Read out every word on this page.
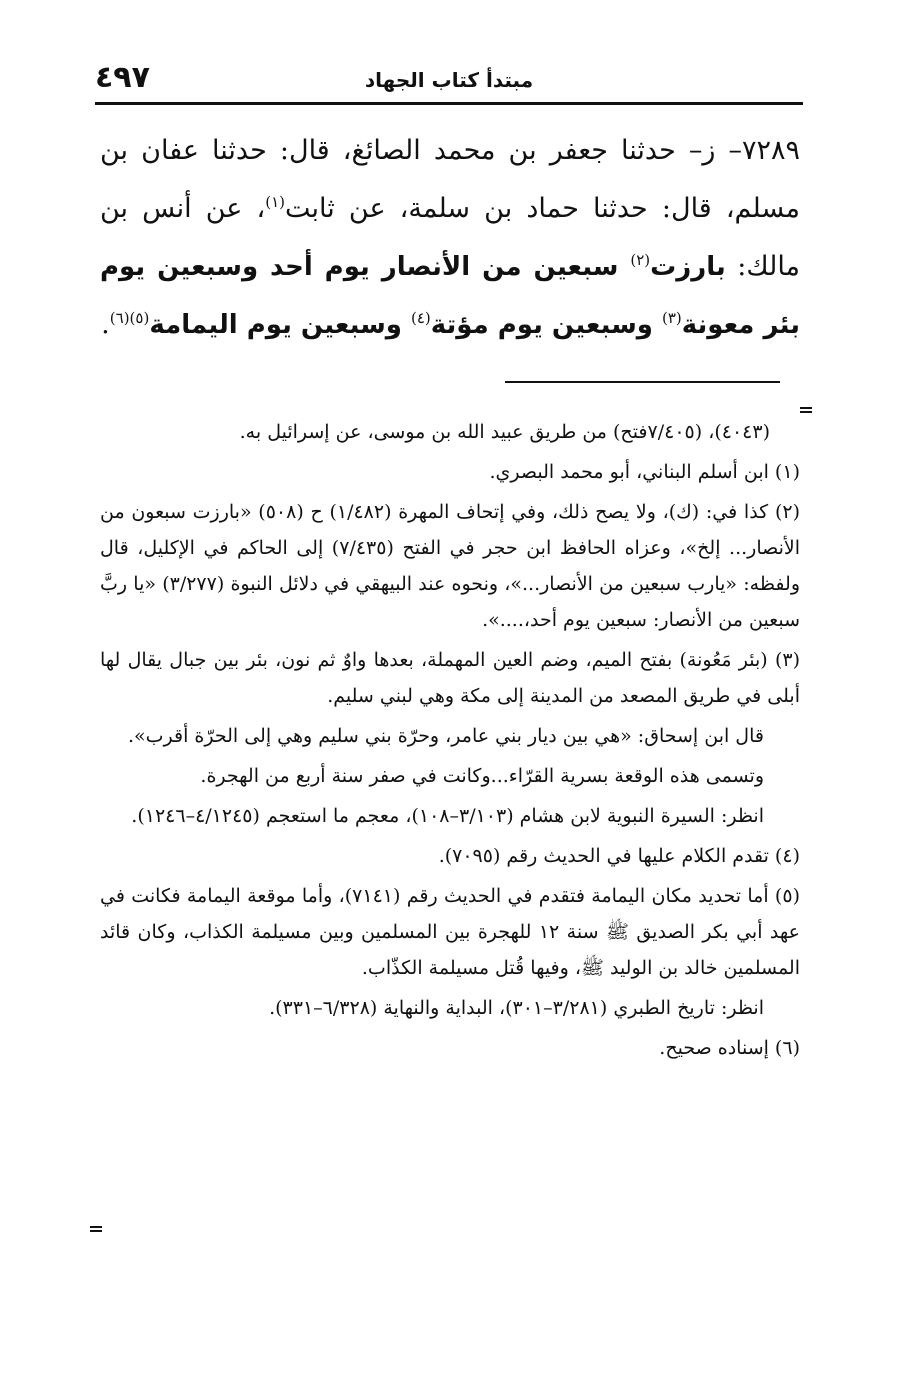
مبتدأ كتاب الجهاد
٤٩٧

٧٢٨٩– ز– حدثنا جعفر بن محمد الصائغ، قال: حدثنا عفان بن مسلم، قال: حدثنا حماد بن سلمة، عن ثابت$^{(١)}$، عن أنس بن مالك: بارزت$^{(٢)}$ سبعين من الأنصار يوم أحد وسبعين يوم بئر معونة$^{(٣)}$ وسبعين يوم مؤتة$^{(٤)}$ وسبعين يوم اليمامة$^{(٥)(٦)}$.

(٤٠٤٣)، (٧/٤٠٥فتح) من طريق عبيد الله بن موسى، عن إسرائيل به.

(١) ابن أسلم البناني، أبو محمد البصري.

(٢) كذا في: (ك)، ولا يصح ذلك، وفي إتحاف المهرة (١/٤٨٢) ح (٥٠٨) «بارزت سبعون من الأنصار... إلخ»، وعزاه الحافظ ابن حجر في الفتح (٧/٤٣٥) إلى الحاكم في الإكليل، قال ولفظه: «يارب سبعين من الأنصار...»، ونحوه عند البيهقي في دلائل النبوة (٣/٢٧٧) «يا ربَّ سبعين من الأنصار: سبعين يوم أحد،....».

(٣) (بئر مَعُونة) بفتح الميم، وضم العين المهملة، بعدها واوٌ ثم نون، بئر بين جبال يقال لها أبلى في طريق المصعد من المدينة إلى مكة وهي لبني سليم.

قال ابن إسحاق: «هي بين ديار بني عامر، وحرّة بني سليم وهي إلى الحرّة أقرب».

وتسمى هذه الوقعة بسرية القرّاء...وكانت في صفر سنة أربع من الهجرة.

انظر: السيرة النبوية لابن هشام (٣/١٠٣–١٠٨)، معجم ما استعجم (٤/١٢٤٥–١٢٤٦).

(٤) تقدم الكلام عليها في الحديث رقم (٧٠٩٥).

(٥) أما تحديد مكان اليمامة فتقدم في الحديث رقم (٧١٤١)، وأما موقعة اليمامة فكانت في عهد أبي بكر الصديق ﷺ سنة ١٢ للهجرة بين المسلمين وبين مسيلمة الكذاب، وكان قائد المسلمين خالد بن الوليد ﷺ، وفيها قُتل مسيلمة الكذّاب.

انظر: تاريخ الطبري (٣/٢٨١–٣٠١)، البداية والنهاية (٦/٣٢٨–٣٣١).

(٦) إسناده صحيح.
